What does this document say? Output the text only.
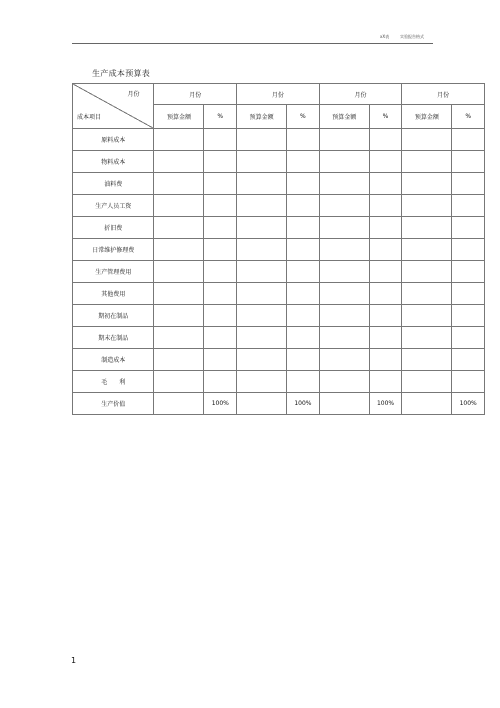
xX表	实验报告格式
生产成本预算表
月份
成本项目	月份		月份		月份		月份	
	预算金额	%	预算金额	%	预算金额	%	预算金额	%
原料成本								
物料成本								
油料费								
生产人员工资								
折旧费								
日常维护修理费								
生产管理费用								
其他费用								
期初在制品								
期末在制品								
制造成本								
毛　　利								
生产价值		100%		100%		100%		100%
1
